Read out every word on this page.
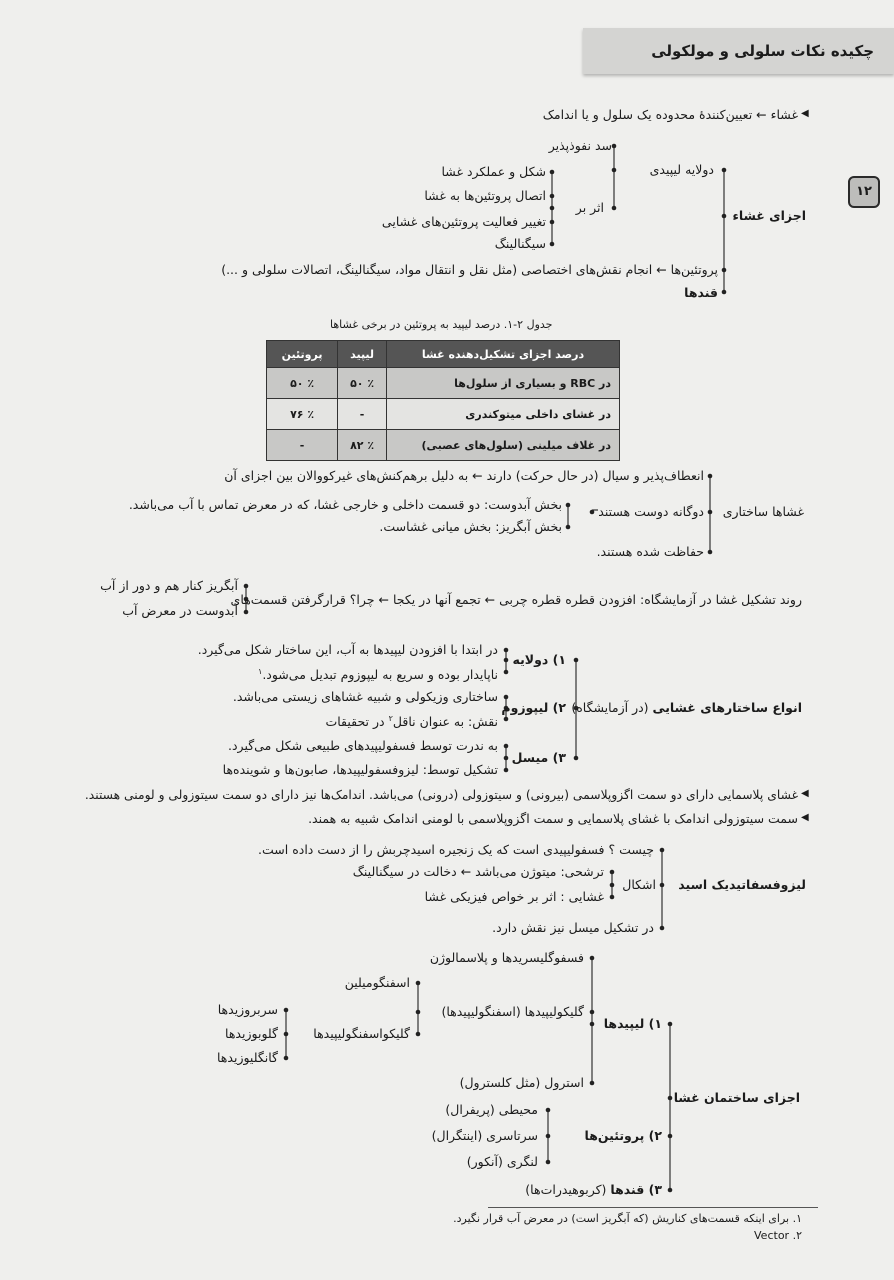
چکیده نکات سلولی و مولکولی
۱۲
◀
غشاء ← تعیین‌کنندهٔ محدوده یک سلول و یا اندامک
سد نفوذپذیر
دولایه لیپیدی
شکل و عملکرد غشا
اتصال پروتئین‌ها به غشا
اثر بر
تغییر فعالیت پروتئین‌های غشایی
سیگنالینگ
اجزای غشاء
پروتئین‌ها ← انجام نقش‌های اختصاصی (مثل نقل و انتقال مواد، سیگنالینگ، اتصالات سلولی و ...)
قندها
جدول ۲-۱. درصد لیپید به پروتئین در برخی غشاها
درصد اجزای تشکیل‌دهنده غشا	لیپید	پروتئین
در RBC و بسیاری از سلول‌ها	٪ ۵۰	٪ ۵۰
در غشای داخلی میتوکندری	-	٪ ۷۶
در غلاف میلینی (سلول‌های عصبی)	٪ ۸۲	-
غشاها ساختاری
انعطاف‌پذیر و سیال (در حال حرکت) دارند ← به دلیل برهم‌کنش‌های غیرکووالان بین اجزای آن
دوگانه دوست هستند
بخش آبدوست: دو قسمت داخلی و خارجی غشا، که در معرض تماس با آب می‌باشد.
بخش آبگریز: بخش میانی غشاست.
حفاظت شده هستند.
روند تشکیل غشا در آزمایشگاه: افزودن قطره قطره چربی ← تجمع آنها در یکجا ← چرا؟ قرارگرفتن قسمت‌های
آبگریز کنار هم و دور از آب
آبدوست در معرض آب
انواع ساختارهای غشایی (در آزمایشگاه)
۱) دولایه
در ابتدا با افزودن لیپیدها به آب، این ساختار شکل می‌گیرد.
ناپایدار بوده و سریع به لیپوزوم تبدیل می‌شود.$^۱$
۲) لیپوزوم
ساختاری وزیکولی و شبیه غشاهای زیستی می‌باشد.
نقش: به عنوان ناقل$^۲$ در تحقیقات
۳) میسل
به ندرت توسط فسفولیپیدهای طبیعی شکل می‌گیرد.
تشکیل توسط: لیزوفسفولیپیدها، صابون‌ها و شوینده‌ها
◀
غشای پلاسمایی دارای دو سمت اگزوپلاسمی (بیرونی) و سیتوزولی (درونی) می‌باشد. اندامک‌ها نیز دارای دو سمت سیتوزولی و لومنی هستند.
◀
سمت سیتوزولی اندامک با غشای پلاسمایی و سمت اگزوپلاسمی با لومنی اندامک شبیه به همند.
لیزوفسفاتیدیک اسید
چیست ؟ فسفولیپیدی است که یک زنجیره اسیدچربش را از دست داده است.
اشکال
ترشحی: میتوژن می‌باشد ← دخالت در سیگنالینگ
غشایی : اثر بر خواص فیزیکی غشا
در تشکیل میسل نیز نقش دارد.
اجزای ساختمان غشا
۱) لیپیدها
فسفوگلیسریدها و پلاسمالوژن
گلیکولیپیدها (اسفنگولیپیدها)
اسفنگومیلین
گلیکواسفنگولیپیدها
سربروزیدها
گلوبوزیدها
گانگلیوزیدها
استرول (مثل کلسترول)
۲) پروتئین‌ها
محیطی (پریفرال)
سرتاسری (اینتگرال)
لنگری (آنکور)
۳) قندها (کربوهیدرات‌ها)
۱. برای اینکه قسمت‌های کناریش (که آبگریز است) در معرض آب قرار نگیرد.
۲. Vector
